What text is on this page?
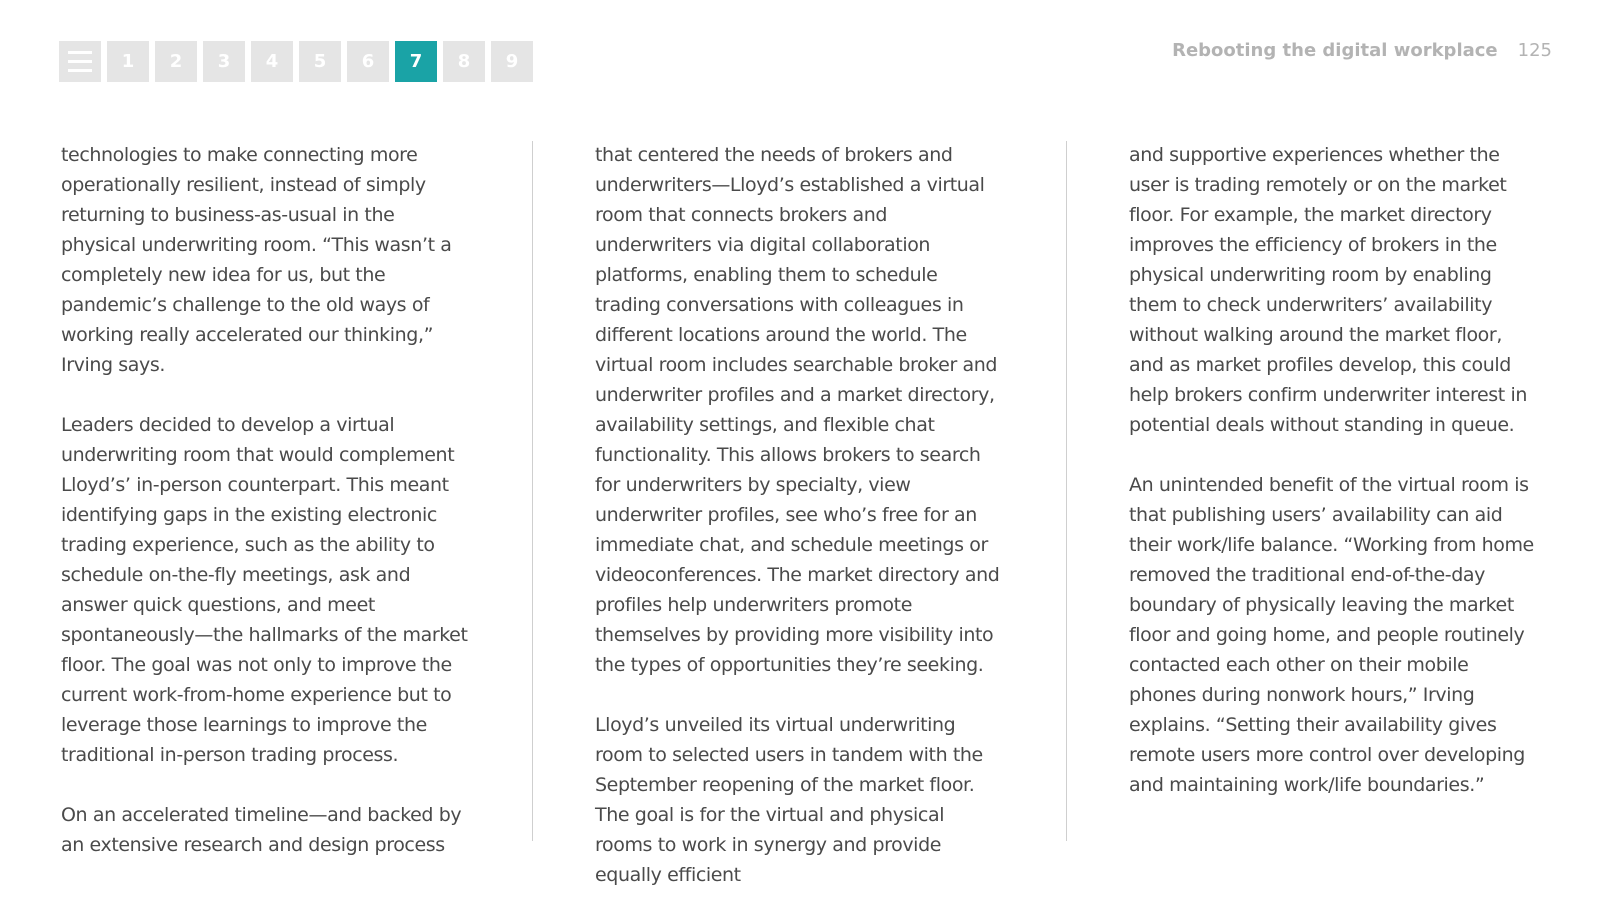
1	2	3	4	5	6	7	8	9
Rebooting the digital workplace 125

technologies to make connecting more operationally resilient, instead of simply returning to business-as-usual in the physical underwriting room. “This wasn’t a completely new idea for us, but the pandemic’s challenge to the old ways of working really accelerated our thinking,” Irving says.

Leaders decided to develop a virtual underwriting room that would complement Lloyd’s’ in-person counterpart. This meant identifying gaps in the existing electronic trading experience, such as the ability to schedule on-the-fly meetings, ask and answer quick questions, and meet spontaneously—the hallmarks of the market floor. The goal was not only to improve the current work-from-home experience but to leverage those learnings to improve the traditional in-person trading process.

On an accelerated timeline—and backed by an extensive research and design process

that centered the needs of brokers and underwriters—Lloyd’s established a virtual room that connects brokers and underwriters via digital collaboration platforms, enabling them to schedule trading conversations with colleagues in different locations around the world. The virtual room includes searchable broker and underwriter profiles and a market directory, availability settings, and flexible chat functionality. This allows brokers to search for underwriters by specialty, view underwriter profiles, see who’s free for an immediate chat, and schedule meetings or videoconferences. The market directory and profiles help underwriters promote themselves by providing more visibility into the types of opportunities they’re seeking.

Lloyd’s unveiled its virtual underwriting room to selected users in tandem with the September reopening of the market floor. The goal is for the virtual and physical rooms to work in synergy and provide equally efficient

and supportive experiences whether the user is trading remotely or on the market floor. For example, the market directory improves the efficiency of brokers in the physical underwriting room by enabling them to check underwriters’ availability without walking around the market floor, and as market profiles develop, this could help brokers confirm underwriter interest in potential deals without standing in queue.

An unintended benefit of the virtual room is that publishing users’ availability can aid their work/life balance. “Working from home removed the traditional end-of-the-day boundary of physically leaving the market floor and going home, and people routinely contacted each other on their mobile phones during nonwork hours,” Irving explains. “Setting their availability gives remote users more control over developing and maintaining work/life boundaries.”
